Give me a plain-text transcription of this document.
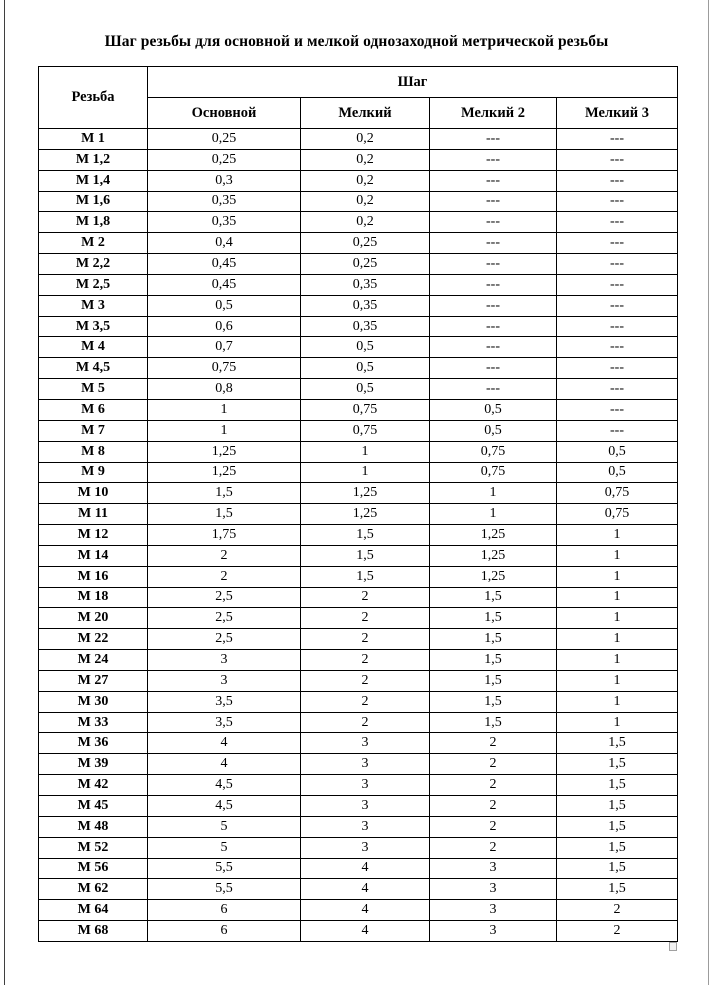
Шаг резьбы для основной и мелкой однозаходной метрической резьбы
Резьба	Шаг			
	Основной	Мелкий	Мелкий 2	Мелкий 3
М 1	0,25	0,2	---	---
М 1,2	0,25	0,2	---	---
М 1,4	0,3	0,2	---	---
М 1,6	0,35	0,2	---	---
М 1,8	0,35	0,2	---	---
М 2	0,4	0,25	---	---
М 2,2	0,45	0,25	---	---
М 2,5	0,45	0,35	---	---
М 3	0,5	0,35	---	---
М 3,5	0,6	0,35	---	---
М 4	0,7	0,5	---	---
М 4,5	0,75	0,5	---	---
М 5	0,8	0,5	---	---
М 6	1	0,75	0,5	---
М 7	1	0,75	0,5	---
М 8	1,25	1	0,75	0,5
М 9	1,25	1	0,75	0,5
М 10	1,5	1,25	1	0,75
М 11	1,5	1,25	1	0,75
М 12	1,75	1,5	1,25	1
М 14	2	1,5	1,25	1
М 16	2	1,5	1,25	1
М 18	2,5	2	1,5	1
М 20	2,5	2	1,5	1
М 22	2,5	2	1,5	1
М 24	3	2	1,5	1
М 27	3	2	1,5	1
М 30	3,5	2	1,5	1
М 33	3,5	2	1,5	1
М 36	4	3	2	1,5
М 39	4	3	2	1,5
М 42	4,5	3	2	1,5
М 45	4,5	3	2	1,5
М 48	5	3	2	1,5
М 52	5	3	2	1,5
М 56	5,5	4	3	1,5
М 62	5,5	4	3	1,5
М 64	6	4	3	2
М 68	6	4	3	2
